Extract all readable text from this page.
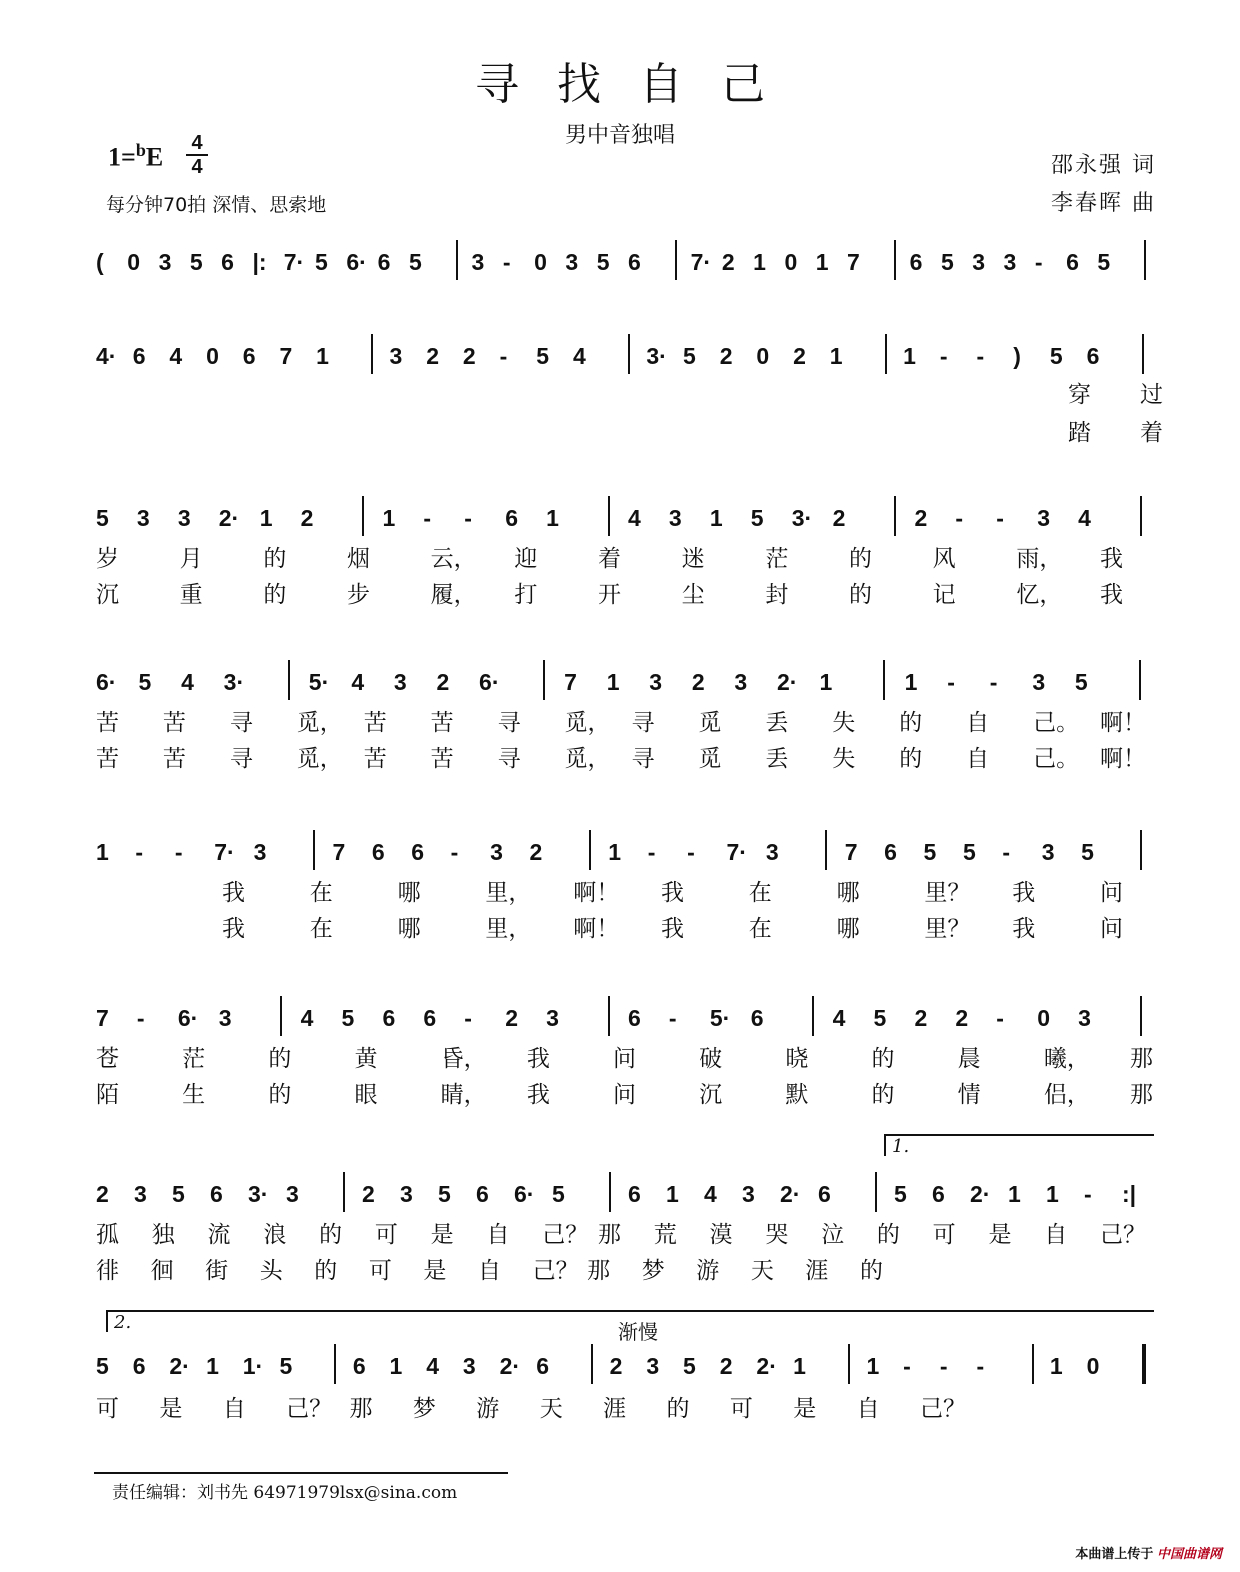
寻找自己
男中音独唱
1=$^b$E 4
4
每分钟70拍 深情、思索地
邵永强 词
李春晖 曲
( 0 3 5 6 |: 7· 5 6· 6 5 3 - 0 3 5 6 7· 2 1 0 1 7 6 5 3 3 - 6 5
4· 6 4 0 6 7 1	3 2 2 - 5 4	3· 5 2 0 2 1	1 - - ) 5 6
5 3 3 2· 1 2	1 - - 6 1	4 3 1 5 3· 2	2 - - 3 4
6· 5 4 3·	5· 4 3 2 6·	7 1 3 2 3 2· 1	1 - - 3 5
1 - - 7· 3	7 6 6 - 3 2	1 - - 7· 3	7 6 5 5 - 3 5
7 - 6· 3	4 5 6 6 - 2 3	6 - 5· 6	4 5 2 2 - 0 3
2 3 5 6 3· 3	2 3 5 6 6· 5	6 1 4 3 2· 6	5 6 2· 1 1 - :|
5 6 2· 1 1· 5	6 1 4 3 2· 6	2 3 5 2 2· 1	1 - - -	1 0
穿 过
踏 着
岁	月	的	烟	云， 迎	着	迷	茫	的	风	雨， 我
沉	重	的	步	履， 打	开	尘	封	的	记	忆， 我
苦 苦 寻 觅， 苦 苦 寻 觅， 寻 觅 丢 失 的 自 己。 啊！
苦 苦 寻 觅， 苦 苦 寻 觅， 寻 觅 丢 失 的 自 己。 啊！
我	在	哪	里， 啊！ 我	在	哪	里？ 我	问
我	在	哪	里， 啊！ 我	在	哪	里？ 我	问
苍	茫	的	黄	昏， 我	问	破	晓	的	晨	曦， 那
陌	生	的	眼	睛， 我	问	沉	默	的	情	侣， 那
孤 独 流 浪 的 可 是 自 己？ 那 荒 漠 哭 泣 的 可 是 自 己？
徘 徊 街 头 的 可 是 自 己？ 那 梦 游 天 涯 的
可 是 自 己？ 那 梦 游 天 涯 的 可 是 自 己？
1.
2.	渐慢
责任编辑：刘书先 64971979lsx@sina.com
本曲谱上传于 中国曲谱网
